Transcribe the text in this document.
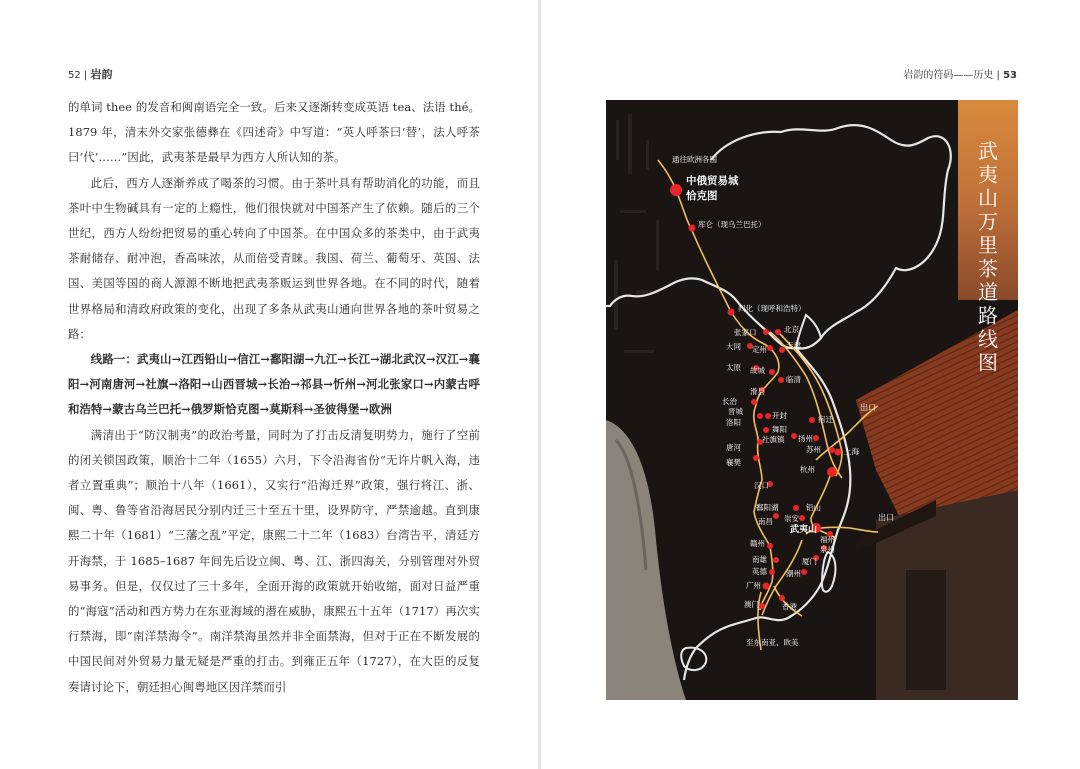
52 | 岩韵

的单词 thee 的发音和闽南语完全一致。后来又逐渐转变成英语 tea、法语 thé。1879 年，清末外交家张德彝在《四述奇》中写道：“英人呼茶曰‘替’，法人呼茶曰‘代’……”因此，武夷茶是最早为西方人所认知的茶。

此后，西方人逐渐养成了喝茶的习惯。由于茶叶具有帮助消化的功能，而且茶叶中生物碱具有一定的上瘾性，他们很快就对中国茶产生了依赖。随后的三个世纪，西方人纷纷把贸易的重心转向了中国茶。在中国众多的茶类中，由于武夷茶耐储存、耐冲泡，香高味浓，从而倍受青睐。我国、荷兰、葡萄牙、英国、法国、美国等国的商人源源不断地把武夷茶贩运到世界各地。在不同的时代，随着世界格局和清政府政策的变化，出现了多条从武夷山通向世界各地的茶叶贸易之路：

线路一：武夷山→江西铅山→信江→鄱阳湖→九江→长江→湖北武汉→汉江→襄阳→河南唐河→社旗→洛阳→山西晋城→长治→祁县→忻州→河北张家口→内蒙古呼和浩特→蒙古乌兰巴托→俄罗斯恰克图→莫斯科→圣彼得堡→欧洲

满清出于“防汉制夷”的政治考量，同时为了打击反清复明势力，施行了空前的闭关锁国政策，顺治十二年（1655）六月，下令沿海省份“无许片帆入海，违者立置重典”；顺治十八年（1661），又实行“沿海迁界”政策，强行将江、浙、闽、粤、鲁等省沿海居民分别内迁三十至五十里，设界防守，严禁逾越。直到康熙二十年（1681）“三藩之乱”平定，康熙二十二年（1683）台湾告平，清廷方开海禁，于 1685–1687 年间先后设立闽、粤、江、浙四海关，分别管理对外贸易事务。但是，仅仅过了三十多年，全面开海的政策就开始收缩，面对日益严重的“海寇”活动和西方势力在东亚海域的潜在威胁，康熙五十五年（1717）再次实行禁海，即“南洋禁海令”。南洋禁海虽然并非全面禁海，但对于正在不断发展的中国民间对外贸易力量无疑是严重的打击。到雍正五年（1727），在大臣的反复奏请讨论下，朝廷担心闽粤地区因洋禁而引

岩韵的符码——历史 | 53
通往欧洲各国
中俄贸易城
恰克图
库仑（现乌兰巴托）
归化（现呼和浩特）
张家口	北京
大同 定州	天津
太原 故城
临清
滑县
长治
晋城	开封	宿迁
洛阳
舞阳
扬州
社旗镇
唐河	上海
襄樊
苏州
杭州
汉口
出口
鄱阳湖	铅山
崇安
南昌
武夷山
出口
赣州	福州
泉州
南雄	厦门
英德	潮州
广州
澳门	香港
至东南亚、欧美
武夷山万里茶道路线图
